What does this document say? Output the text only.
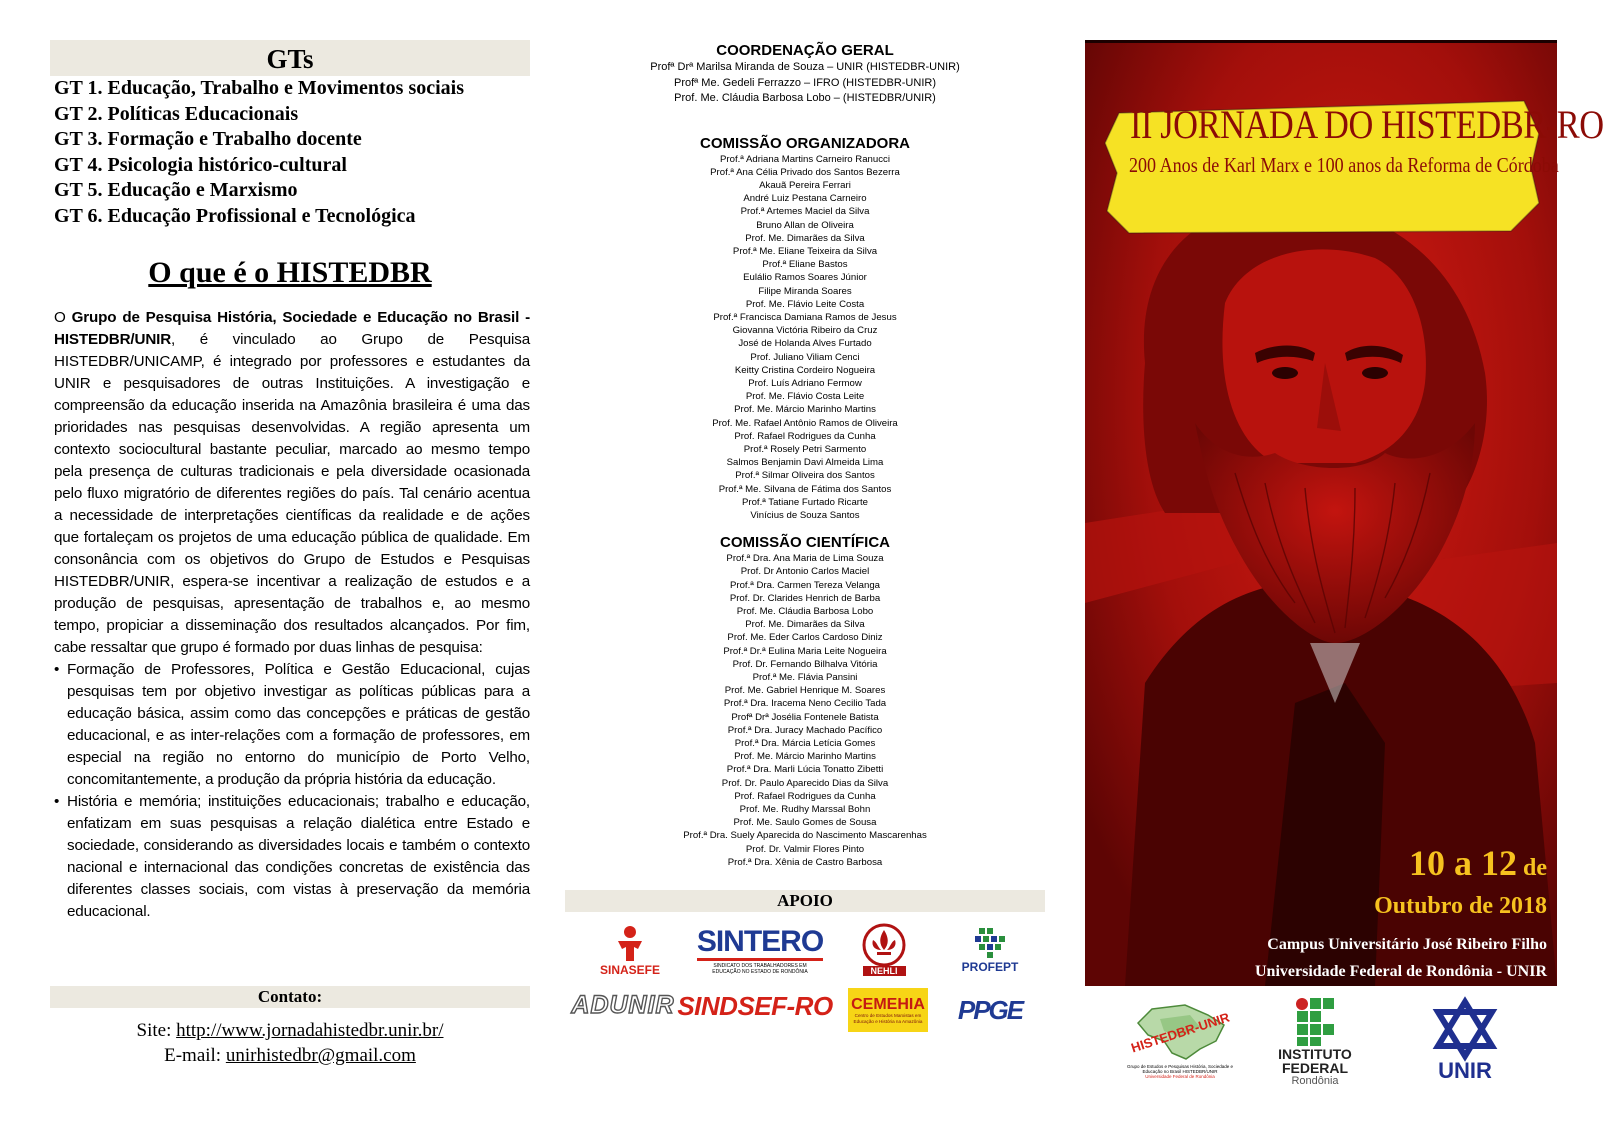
GTs
GT 1. Educação, Trabalho e Movimentos sociais
GT 2. Políticas Educacionais
GT 3. Formação e Trabalho docente
GT 4. Psicologia histórico-cultural
GT 5. Educação e Marxismo
GT 6. Educação Profissional e Tecnológica
O que é o HISTEDBR

O Grupo de Pesquisa História, Sociedade e Educação no Brasil - HISTEDBR/UNIR, é vinculado ao Grupo de Pesquisa HISTEDBR/UNICAMP, é integrado por professores e estudantes da UNIR e pesquisadores de outras Instituições. A investigação e compreensão da educação inserida na Amazônia brasileira é uma das prioridades nas pesquisas desenvolvidas. A região apresenta um contexto sociocultural bastante peculiar, marcado ao mesmo tempo pela presença de culturas tradicionais e pela diversidade ocasionada pelo fluxo migratório de diferentes regiões do país. Tal cenário acentua a necessidade de interpretações científicas da realidade e de ações que fortaleçam os projetos de uma educação pública de qualidade. Em consonância com os objetivos do Grupo de Estudos e Pesquisas HISTEDBR/UNIR, espera-se incentivar a realização de estudos e a produção de pesquisas, apresentação de trabalhos e, ao mesmo tempo, propiciar a disseminação dos resultados alcançados. Por fim, cabe ressaltar que grupo é formado por duas linhas de pesquisa:

• Formação de Professores, Política e Gestão Educacional, cujas pesquisas tem por objetivo investigar as políticas públicas para a educação básica, assim como das concepções e práticas de gestão educacional, e as inter-relações com a formação de professores, em especial na região no entorno do município de Porto Velho, concomitantemente, a produção da própria história da educação.
• História e memória; instituições educacionais; trabalho e educação, enfatizam em suas pesquisas a relação dialética entre Estado e sociedade, considerando as diversidades locais e também o contexto nacional e internacional das condições concretas de existência das diferentes classes sociais, com vistas à preservação da memória educacional.
Contato:
Site: http://www.jornadahistedbr.unir.br/
E-mail: unirhistedbr@gmail.com
COORDENAÇÃO GERAL
Profª Drª Marilsa Miranda de Souza – UNIR (HISTEDBR-UNIR)
Profª Me. Gedeli Ferrazzo – IFRO (HISTEDBR-UNIR)
Prof. Me. Cláudia Barbosa Lobo – (HISTEDBR/UNIR)
COMISSÃO ORGANIZADORA
Prof.ª Adriana Martins Carneiro Ranucci
Prof.ª Ana Célia Privado dos Santos Bezerra
Akauã Pereira Ferrari
André Luiz Pestana Carneiro
Prof.ª Artemes Maciel da Silva
Bruno Allan de Oliveira
Prof. Me. Dimarães da Silva
Prof.ª Me. Eliane Teixeira da Silva
Prof.ª Eliane Bastos
Eulálio Ramos Soares Júnior
Filipe Miranda Soares
Prof. Me. Flávio Leite Costa
Prof.ª Francisca Damiana Ramos de Jesus
Giovanna Victória Ribeiro da Cruz
José de Holanda Alves Furtado
Prof. Juliano Viliam Cenci
Keitty Cristina Cordeiro Nogueira
Prof. Luís Adriano Fermow
Prof. Me. Flávio Costa Leite
Prof. Me. Márcio Marinho Martins
Prof. Me. Rafael Antônio Ramos de Oliveira
Prof. Rafael Rodrigues da Cunha
Prof.ª Rosely Petri Sarmento
Salmos Benjamin Davi Almeida Lima
Prof.ª Silmar Oliveira dos Santos
Prof.ª Me. Silvana de Fátima dos Santos
Prof.ª Tatiane Furtado Ricarte
Vinícius de Souza Santos
COMISSÃO CIENTÍFICA
Prof.ª Dra. Ana Maria de Lima Souza
Prof. Dr Antonio Carlos Maciel
Prof.ª Dra. Carmen Tereza Velanga
Prof. Dr. Clarides Henrich de Barba
Prof. Me. Cláudia Barbosa Lobo
Prof. Me. Dimarães da Silva
Prof. Me. Eder Carlos Cardoso Diniz
Prof.ª Dr.ª Eulina Maria Leite Nogueira
Prof. Dr. Fernando Bilhalva Vitória
Prof.ª Me. Flávia Pansini
Prof. Me. Gabriel Henrique M. Soares
Prof.ª Dra. Iracema Neno Cecilio Tada
Profª Drª Josélia Fontenele Batista
Prof.ª Dra. Juracy Machado Pacífico
Prof.ª Dra. Márcia Letícia Gomes
Prof. Me. Márcio Marinho Martins
Prof.ª Dra. Marli Lúcia Tonatto Zibetti
Prof. Dr. Paulo Aparecido Dias da Silva
Prof. Rafael Rodrigues da Cunha
Prof. Me. Rudhy Marssal Bohn
Prof. Me. Saulo Gomes de Sousa
Prof.ª Dra. Suely Aparecida do Nascimento Mascarenhas
Prof. Dr. Valmir Flores Pinto
Prof.ª Dra. Xênia de Castro Barbosa
APOIO
SINASEFE
SINTERO
SINDICATO DOS TRABALHADORES EM EDUCAÇÃO NO ESTADO DE RONDÔNIA	NEHLI	PROFEPT
ADUNIR SINDSEF-RO CEMEHIA
Centro de Estudos Marxistas em Educação e História na Amazônia PPGE
II JORNADA DO HISTEDBR-RO
200 Anos de Karl Marx e 100 anos da Reforma de Córdoba
10 a 12 de
Outubro de 2018
Campus Universitário José Ribeiro Filho
Universidade Federal de Rondônia - UNIR
Porto Velho/RO
HISTEDBR-UNIR
Grupo de Estudos e Pesquisas História, Sociedade e Educação no Brasil HISTEDBR/UNIR
Universidade Federal de Rondônia
INSTITUTO
FEDERAL
Rondônia	UNIR
